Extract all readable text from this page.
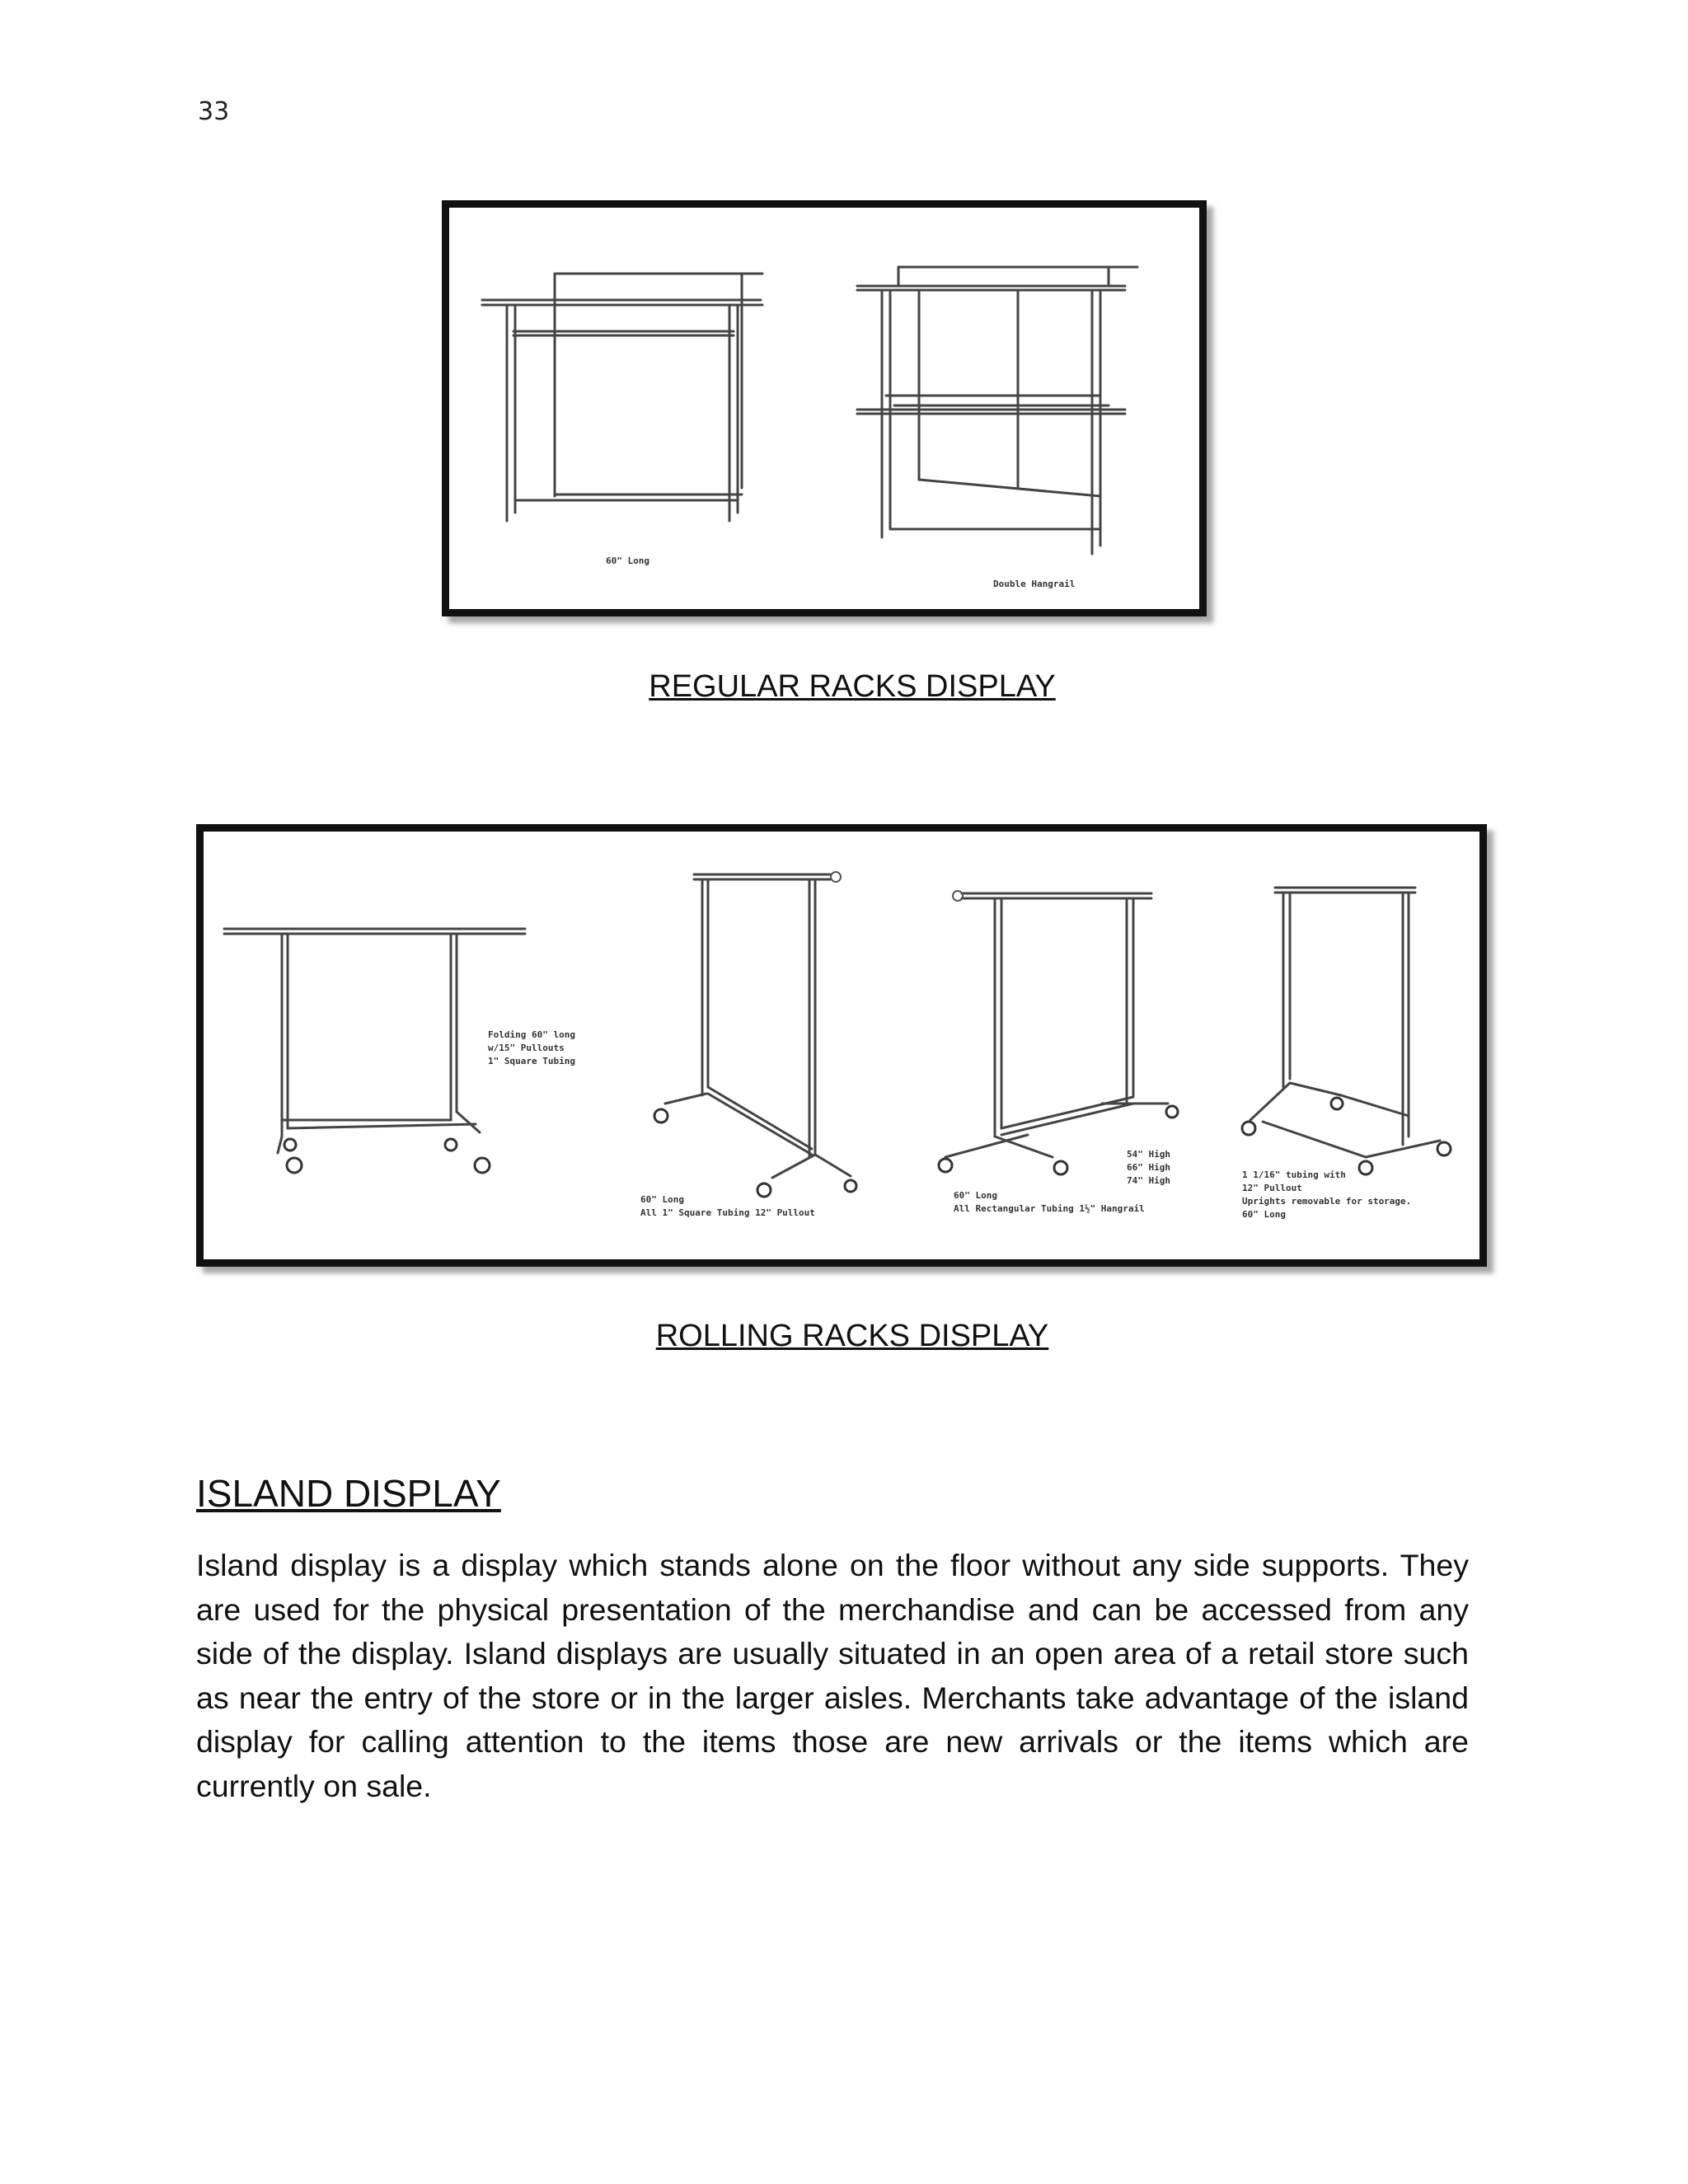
33
60" Long
Double Hangrail
REGULAR RACKS DISPLAY
Folding 60" long
w/15" Pullouts
1" Square Tubing
60" Long
All 1" Square Tubing 12" Pullout
54" High
66" High
74" High
60" Long
All Rectangular Tubing 1½" Hangrail
1 1/16" tubing with
12" Pullout
Uprights removable for storage.
60" Long
ROLLING RACKS DISPLAY
ISLAND DISPLAY
Island display is a display which stands alone on the floor without any side supports. They are used for the physical presentation of the merchandise and can be accessed from any side of the display. Island displays are usually situated in an open area of a retail store such as near the entry of the store or in the larger aisles. Merchants take advantage of the island display for calling attention to the items those are new arrivals or the items which are currently on sale.
